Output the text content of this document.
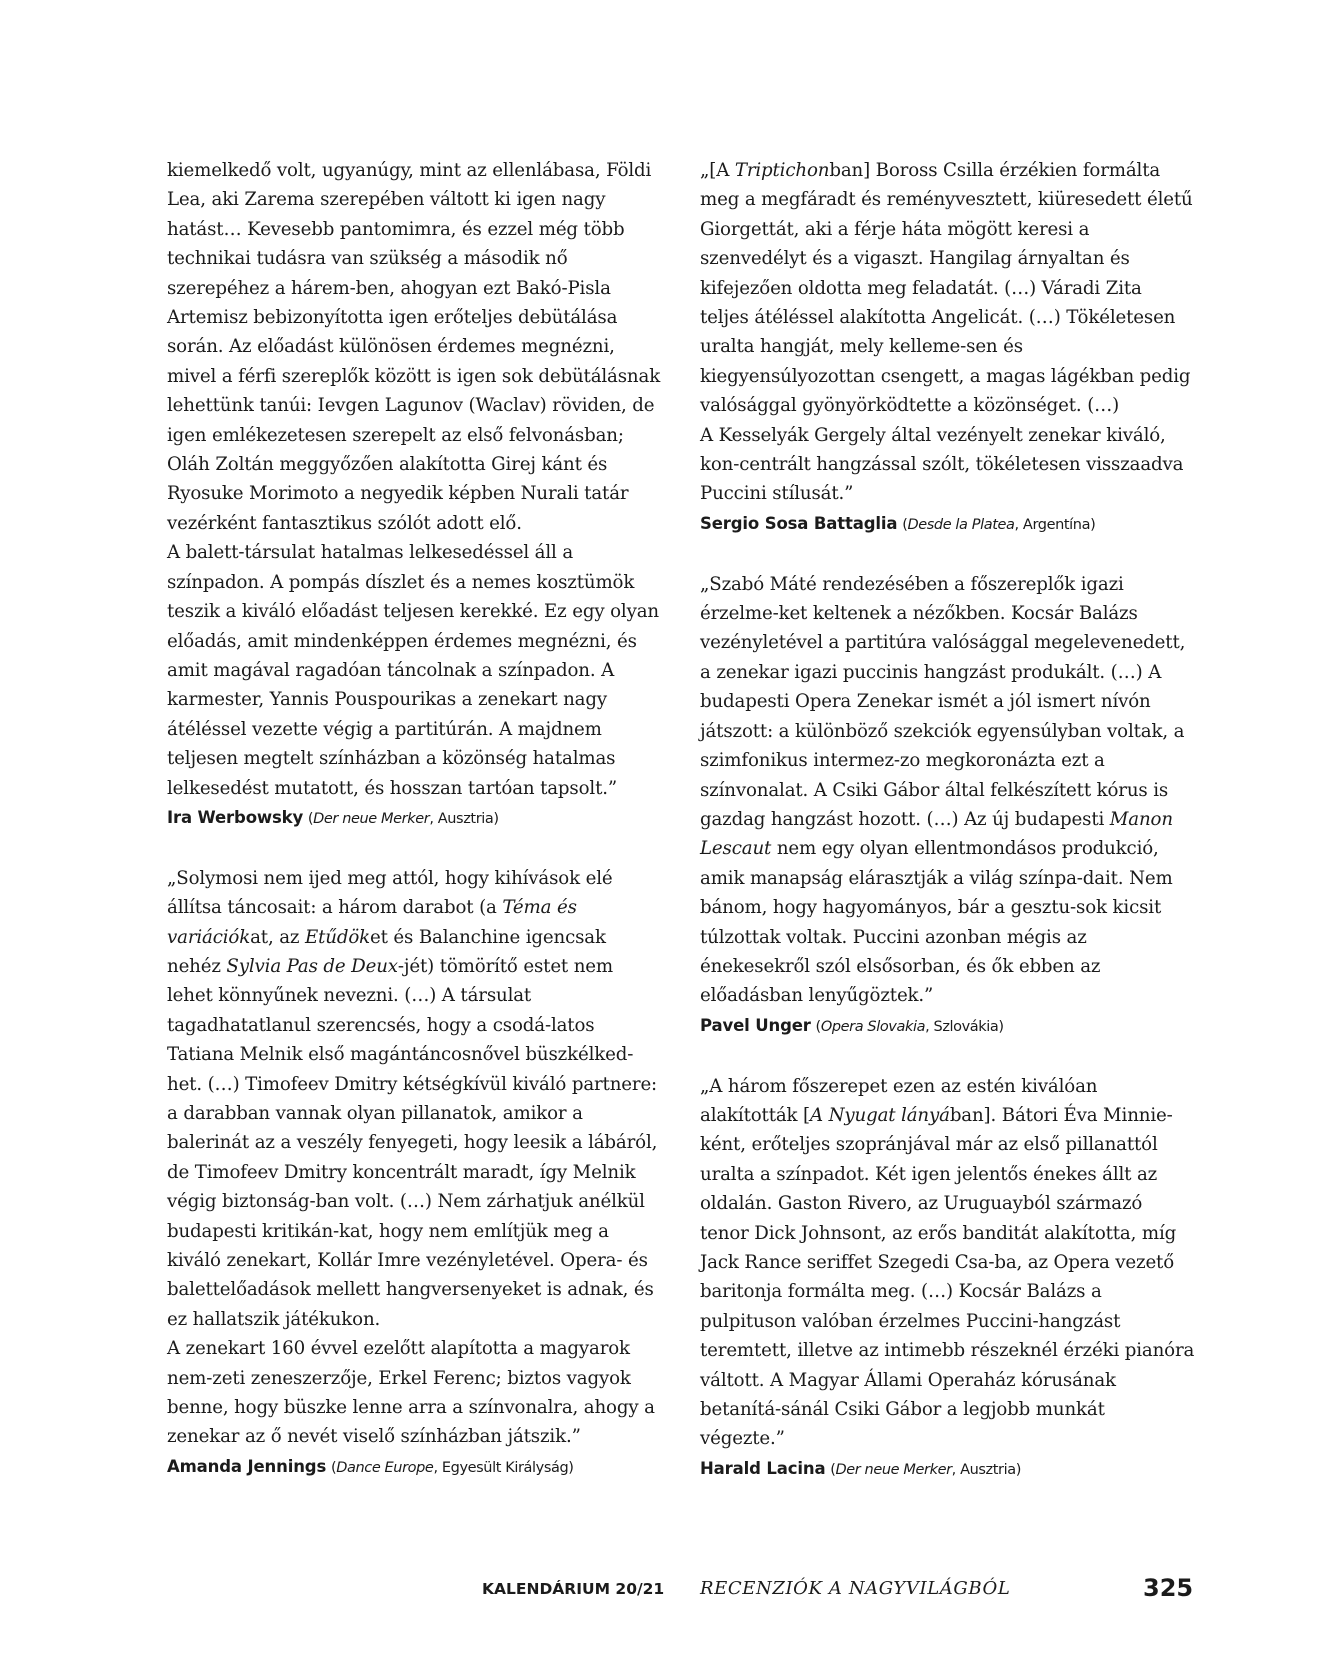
kiemelkedő volt, ugyanúgy, mint az ellenlábasa, Földi Lea, aki Zarema szerepében váltott ki igen nagy hatást… Kevesebb pantomimra, és ezzel még több technikai tudásra van szükség a második nő szerepéhez a hárem-ben, ahogyan ezt Bakó-Pisla Artemisz bebizonyította igen erőteljes debütálása során. Az előadást különösen érdemes megnézni, mivel a férfi szereplők között is igen sok debütálásnak lehettünk tanúi: Ievgen Lagunov (Waclav) röviden, de igen emlékezetesen szerepelt az első felvonásban; Oláh Zoltán meggyőzően alakította Girej kánt és Ryosuke Morimoto a negyedik képben Nurali tatár vezérként fantasztikus szólót adott elő.

A balett-társulat hatalmas lelkesedéssel áll a színpadon. A pompás díszlet és a nemes kosztümök teszik a kiváló előadást teljesen kerekké. Ez egy olyan előadás, amit mindenképpen érdemes megnézni, és amit magával ragadóan táncolnak a színpadon. A karmester, Yannis Pouspourikas a zenekart nagy átéléssel vezette végig a partitúrán. A majdnem teljesen megtelt színházban a közönség hatalmas lelkesedést mutatott, és hosszan tartóan tapsolt.”

Ira Werbowsky (Der neue Merker, Ausztria)

„Solymosi nem ijed meg attól, hogy kihívások elé állítsa táncosait: a három darabot (a Téma és variációkat, az Etűdöket és Balanchine igencsak nehéz Sylvia Pas de Deux-jét) tömörítő estet nem lehet könnyűnek nevezni. (…) A társulat tagadhatatlanul szerencsés, hogy a csodá-latos Tatiana Melnik első magántáncosnővel büszkélked-het. (…) Timofeev Dmitry kétségkívül kiváló partnere: a darabban vannak olyan pillanatok, amikor a balerinát az a veszély fenyegeti, hogy leesik a lábáról, de Timofeev Dmitry koncentrált maradt, így Melnik végig biztonság-ban volt. (…) Nem zárhatjuk anélkül budapesti kritikán-kat, hogy nem említjük meg a kiváló zenekart, Kollár Imre vezényletével. Opera- és balettelőadások mellett hangversenyeket is adnak, és ez hallatszik játékukon.

A zenekart 160 évvel ezelőtt alapította a magyarok nem-zeti zeneszerzője, Erkel Ferenc; biztos vagyok benne, hogy büszke lenne arra a színvonalra, ahogy a zenekar az ő nevét viselő színházban játszik.”

Amanda Jennings (Dance Europe, Egyesült Királyság)

„[A Triptichonban] Boross Csilla érzékien formálta meg a megfáradt és reményvesztett, kiüresedett életű Giorgettát, aki a férje háta mögött keresi a szenvedélyt és a vigaszt. Hangilag árnyaltan és kifejezően oldotta meg feladatát. (…) Váradi Zita teljes átéléssel alakította Angelicát. (…) Tökéletesen uralta hangját, mely kelleme-sen és kiegyensúlyozottan csengett, a magas lágékban pedig valósággal gyönyörködtette a közönséget. (…)

A Kesselyák Gergely által vezényelt zenekar kiváló, kon-centrált hangzással szólt, tökéletesen visszaadva Puccini stílusát.”

Sergio Sosa Battaglia (Desde la Platea, Argentína)

„Szabó Máté rendezésében a főszereplők igazi érzelme-ket keltenek a nézőkben. Kocsár Balázs vezényletével a partitúra valósággal megelevenedett, a zenekar igazi puccinis hangzást produkált. (…) A budapesti Opera Zenekar ismét a jól ismert nívón játszott: a különböző szekciók egyensúlyban voltak, a szimfonikus intermez-zo megkoronázta ezt a színvonalat. A Csiki Gábor által felkészített kórus is gazdag hangzást hozott. (…) Az új budapesti Manon Lescaut nem egy olyan ellentmondásos produkció, amik manapság elárasztják a világ színpa-dait. Nem bánom, hogy hagyományos, bár a gesztu-sok kicsit túlzottak voltak. Puccini azonban mégis az énekesekről szól elsősorban, és ők ebben az előadásban lenyűgöztek.”

Pavel Unger (Opera Slovakia, Szlovákia)

„A három főszerepet ezen az estén kiválóan alakították [A Nyugat lányában]. Bátori Éva Minnie-ként, erőteljes szopránjával már az első pillanattól uralta a színpadot. Két igen jelentős énekes állt az oldalán. Gaston Rivero, az Uruguayból származó tenor Dick Johnsont, az erős banditát alakította, míg Jack Rance seriffet Szegedi Csa-ba, az Opera vezető baritonja formálta meg. (…) Kocsár Balázs a pulpituson valóban érzelmes Puccini-hangzást teremtett, illetve az intimebb részeknél érzéki pianóra váltott. A Magyar Állami Operaház kórusának betanítá-sánál Csiki Gábor a legjobb munkát végezte.”

Harald Lacina (Der neue Merker, Ausztria)
KALENDÁRIUM 20/21 RECENZIÓK A NAGYVILÁGBÓL	325
